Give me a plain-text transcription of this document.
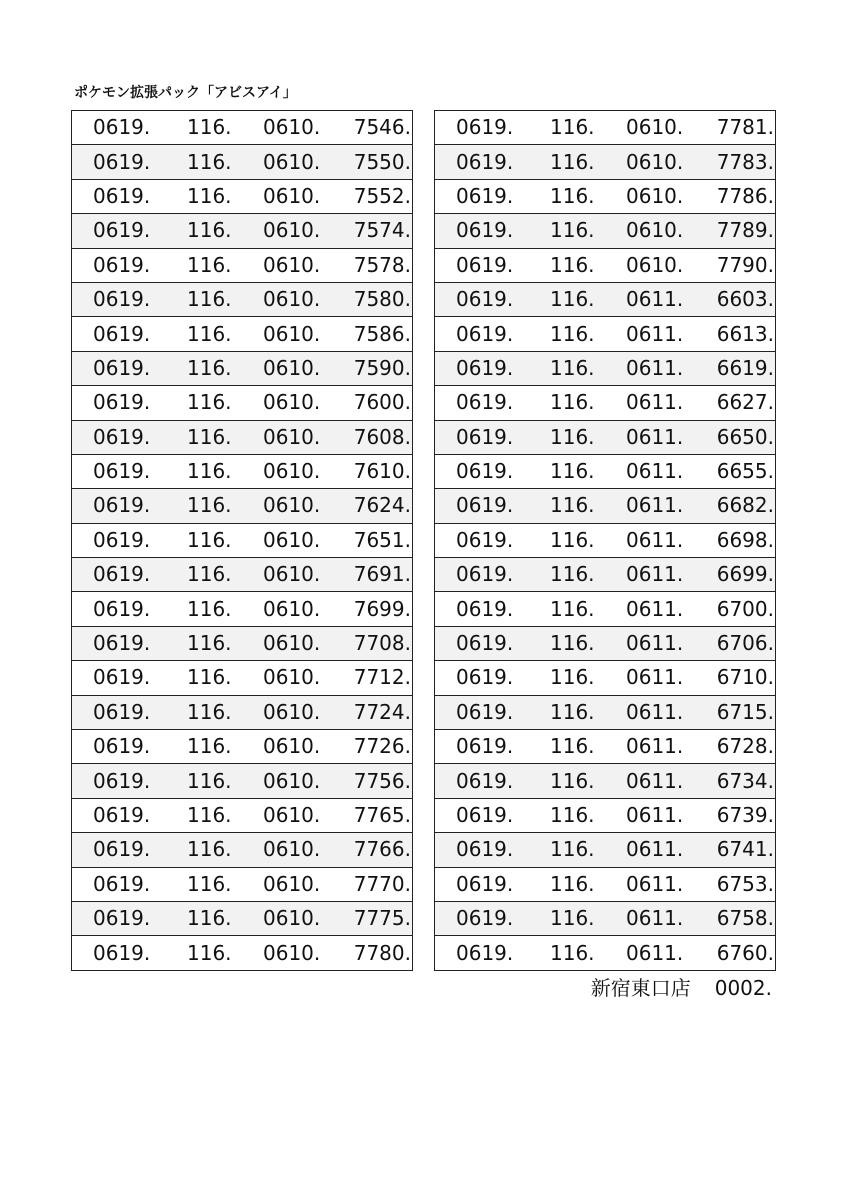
ポケモン拡張パック「アビスアイ」
0619.	116.	0610.	7546.
0619.	116.	0610.	7550.
0619.	116.	0610.	7552.
0619.	116.	0610.	7574.
0619.	116.	0610.	7578.
0619.	116.	0610.	7580.
0619.	116.	0610.	7586.
0619.	116.	0610.	7590.
0619.	116.	0610.	7600.
0619.	116.	0610.	7608.
0619.	116.	0610.	7610.
0619.	116.	0610.	7624.
0619.	116.	0610.	7651.
0619.	116.	0610.	7691.
0619.	116.	0610.	7699.
0619.	116.	0610.	7708.
0619.	116.	0610.	7712.
0619.	116.	0610.	7724.
0619.	116.	0610.	7726.
0619.	116.	0610.	7756.
0619.	116.	0610.	7765.
0619.	116.	0610.	7766.
0619.	116.	0610.	7770.
0619.	116.	0610.	7775.
0619.	116.	0610.	7780.
0619.	116.	0610.	7781.
0619.	116.	0610.	7783.
0619.	116.	0610.	7786.
0619.	116.	0610.	7789.
0619.	116.	0610.	7790.
0619.	116.	0611.	6603.
0619.	116.	0611.	6613.
0619.	116.	0611.	6619.
0619.	116.	0611.	6627.
0619.	116.	0611.	6650.
0619.	116.	0611.	6655.
0619.	116.	0611.	6682.
0619.	116.	0611.	6698.
0619.	116.	0611.	6699.
0619.	116.	0611.	6700.
0619.	116.	0611.	6706.
0619.	116.	0611.	6710.
0619.	116.	0611.	6715.
0619.	116.	0611.	6728.
0619.	116.	0611.	6734.
0619.	116.	0611.	6739.
0619.	116.	0611.	6741.
0619.	116.	0611.	6753.
0619.	116.	0611.	6758.
0619.	116.	0611.	6760.
新宿東口店 0002.
